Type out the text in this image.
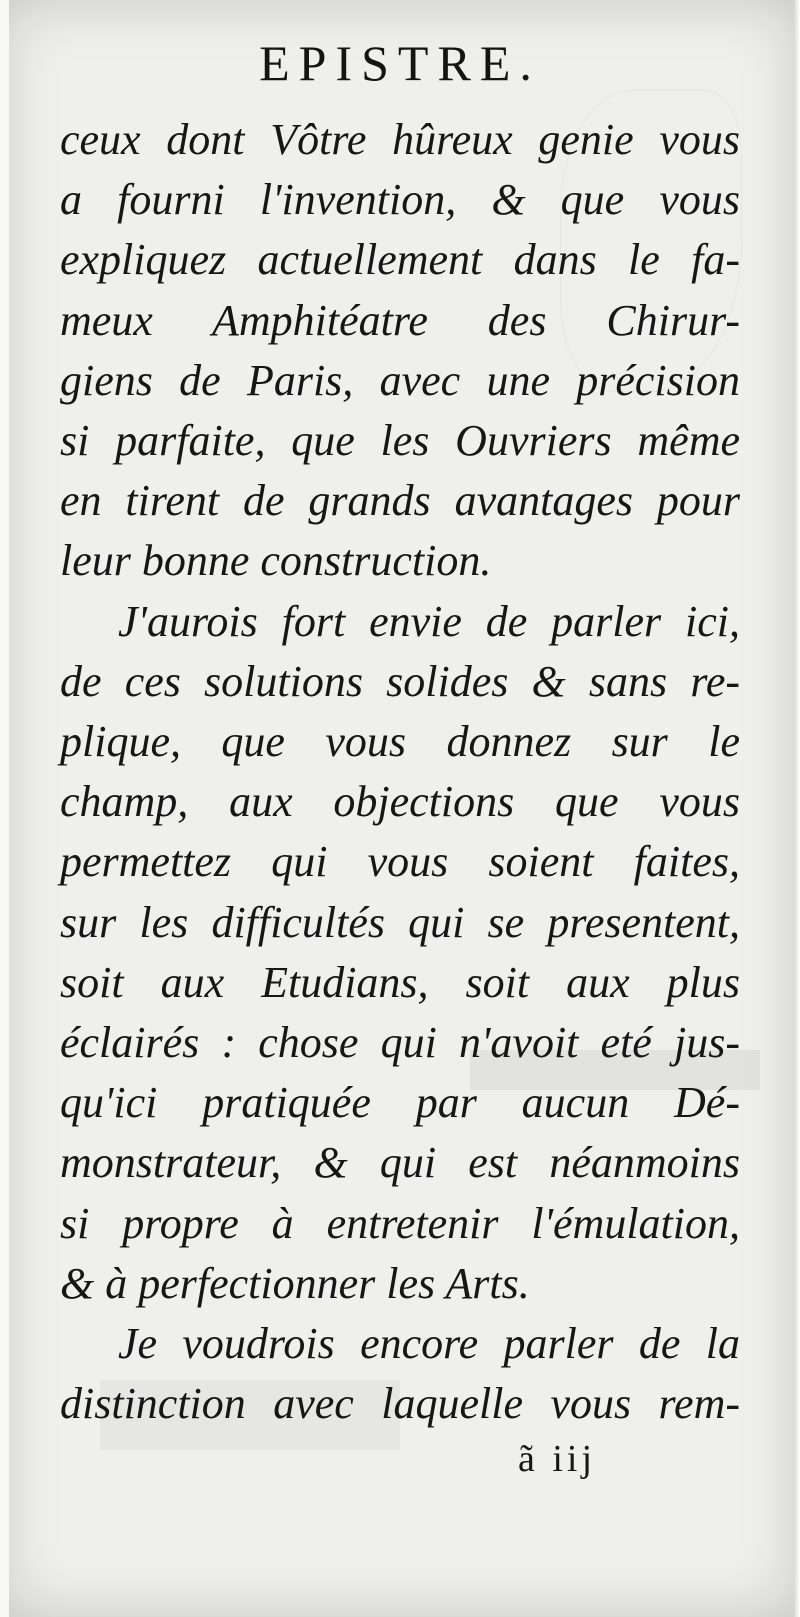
EPISTRE.
ceux dont Vôtre hûreux genie vous
a fourni l'invention, & que vous
expliquez actuellement dans le fa-
meux Amphitéatre des Chirur-
giens de Paris, avec une précision
si parfaite, que les Ouvriers même
en tirent de grands avantages pour
leur bonne construction.
J'aurois fort envie de parler ici,
de ces solutions solides & sans re-
plique, que vous donnez sur le
champ, aux objections que vous
permettez qui vous soient faites,
sur les difficultés qui se presentent,
soit aux Etudians, soit aux plus
éclairés : chose qui n'avoit eté jus-
qu'ici pratiquée par aucun Dé-
monstrateur, & qui est néanmoins
si propre à entretenir l'émulation,
& à perfectionner les Arts.
Je voudrois encore parler de la
distinction avec laquelle vous rem-
ã iij
